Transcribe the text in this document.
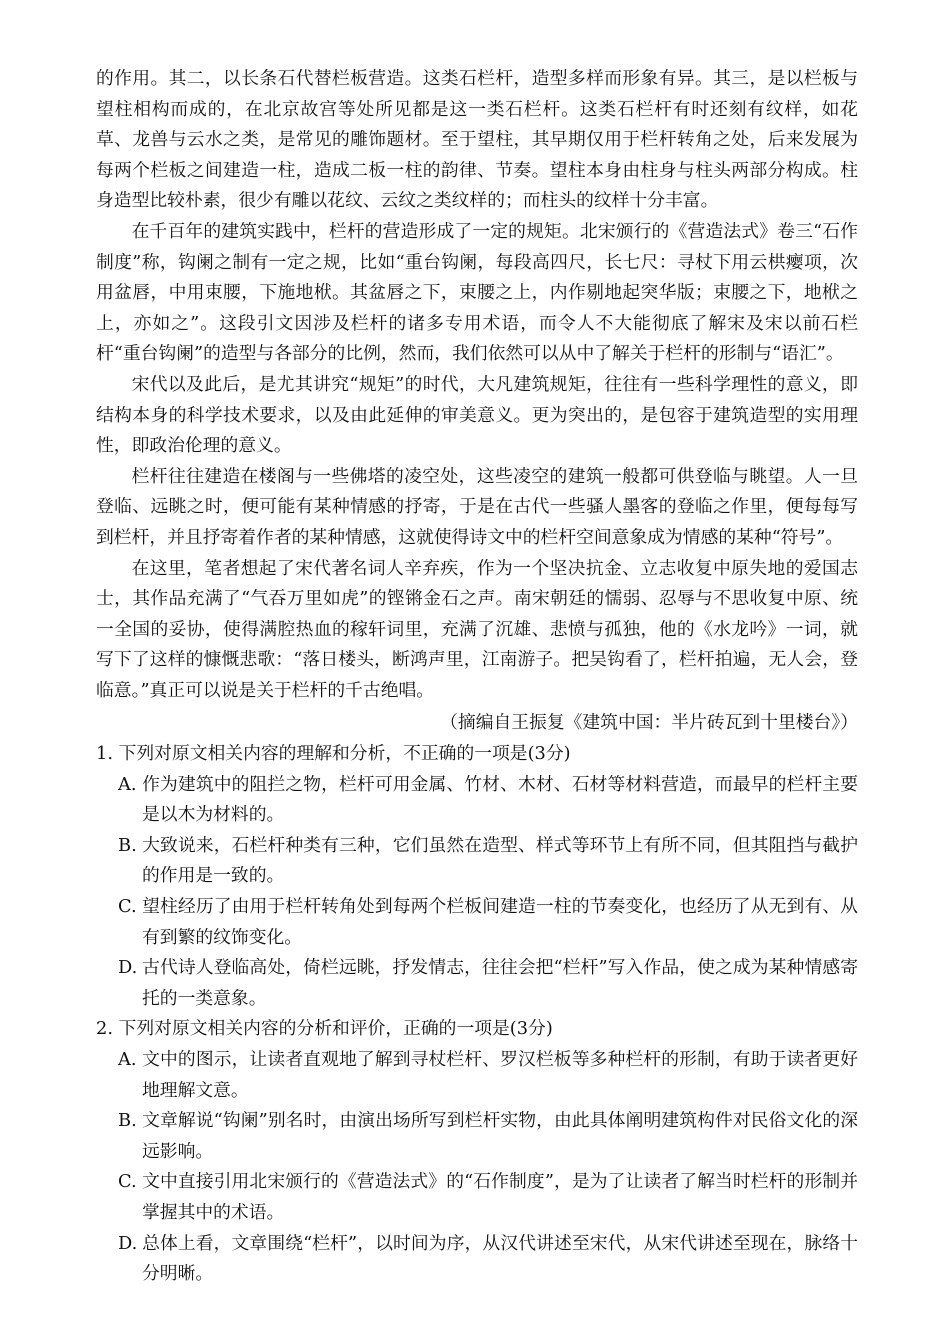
的作用。其二，以长条石代替栏板营造。这类石栏杆，造型多样而形象有异。其三，是以栏板与望柱相构而成的，在北京故宫等处所见都是这一类石栏杆。这类石栏杆有时还刻有纹样，如花草、龙兽与云水之类，是常见的雕饰题材。至于望柱，其早期仅用于栏杆转角之处，后来发展为每两个栏板之间建造一柱，造成二板一柱的韵律、节奏。望柱本身由柱身与柱头两部分构成。柱身造型比较朴素，很少有雕以花纹、云纹之类纹样的；而柱头的纹样十分丰富。

在千百年的建筑实践中，栏杆的营造形成了一定的规矩。北宋颁行的《营造法式》卷三“石作制度”称，钩阑之制有一定之规，比如“重台钩阑，每段高四尺，长七尺：寻杖下用云栱瘿项，次用盆唇，中用束腰，下施地栿。其盆唇之下，束腰之上，内作剔地起突华版；束腰之下，地栿之上，亦如之”。这段引文因涉及栏杆的诸多专用术语，而令人不大能彻底了解宋及宋以前石栏杆“重台钩阑”的造型与各部分的比例，然而，我们依然可以从中了解关于栏杆的形制与“语汇”。

宋代以及此后，是尤其讲究“规矩”的时代，大凡建筑规矩，往往有一些科学理性的意义，即结构本身的科学技术要求，以及由此延伸的审美意义。更为突出的，是包容于建筑造型的实用理性，即政治伦理的意义。

栏杆往往建造在楼阁与一些佛塔的凌空处，这些凌空的建筑一般都可供登临与眺望。人一旦登临、远眺之时，便可能有某种情感的抒寄，于是在古代一些骚人墨客的登临之作里，便每每写到栏杆，并且抒寄着作者的某种情感，这就使得诗文中的栏杆空间意象成为情感的某种“符号”。

在这里，笔者想起了宋代著名词人辛弃疾，作为一个坚决抗金、立志收复中原失地的爱国志士，其作品充满了“气吞万里如虎”的铿锵金石之声。南宋朝廷的懦弱、忍辱与不思收复中原、统一全国的妥协，使得满腔热血的稼轩词里，充满了沉雄、悲愤与孤独，他的《水龙吟》一词，就写下了这样的慷慨悲歌：“落日楼头，断鸿声里，江南游子。把吴钩看了，栏杆拍遍，无人会，登临意。”真正可以说是关于栏杆的千古绝唱。

（摘编自王振复《建筑中国：半片砖瓦到十里楼台》）

1. 下列对原文相关内容的理解和分析，不正确的一项是(3分)

A. 作为建筑中的阻拦之物，栏杆可用金属、竹材、木材、石材等材料营造，而最早的栏杆主要是以木为材料的。

B. 大致说来，石栏杆种类有三种，它们虽然在造型、样式等环节上有所不同，但其阻挡与截护的作用是一致的。

C. 望柱经历了由用于栏杆转角处到每两个栏板间建造一柱的节奏变化，也经历了从无到有、从有到繁的纹饰变化。

D. 古代诗人登临高处，倚栏远眺，抒发情志，往往会把“栏杆”写入作品，使之成为某种情感寄托的一类意象。

2. 下列对原文相关内容的分析和评价，正确的一项是(3分)

A. 文中的图示，让读者直观地了解到寻杖栏杆、罗汉栏板等多种栏杆的形制，有助于读者更好地理解文意。

B. 文章解说“钩阑”别名时，由演出场所写到栏杆实物，由此具体阐明建筑构件对民俗文化的深远影响。

C. 文中直接引用北宋颁行的《营造法式》的“石作制度”，是为了让读者了解当时栏杆的形制并掌握其中的术语。

D. 总体上看，文章围绕“栏杆”，以时间为序，从汉代讲述至宋代，从宋代讲述至现在，脉络十分明晰。
